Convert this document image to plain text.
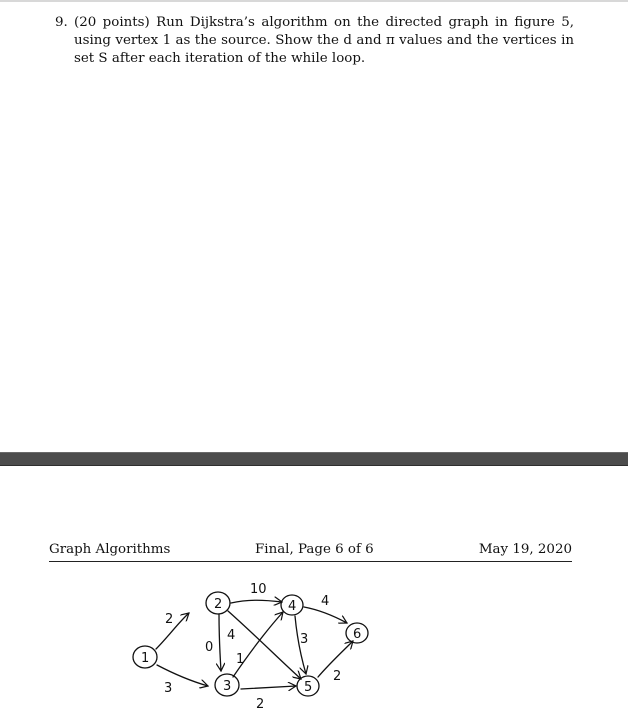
9. (20 points) Run Dijkstra’s algorithm on the directed graph in figure 5, using vertex 1 as the source. Show the d and π values and the vertices in set S after each iteration of the while loop.
Graph Algorithms	Final, Page 6 of 6	May 19, 2020
1
2
3
4
5
6
2
3
10
0
4
1
2
3
4
2
